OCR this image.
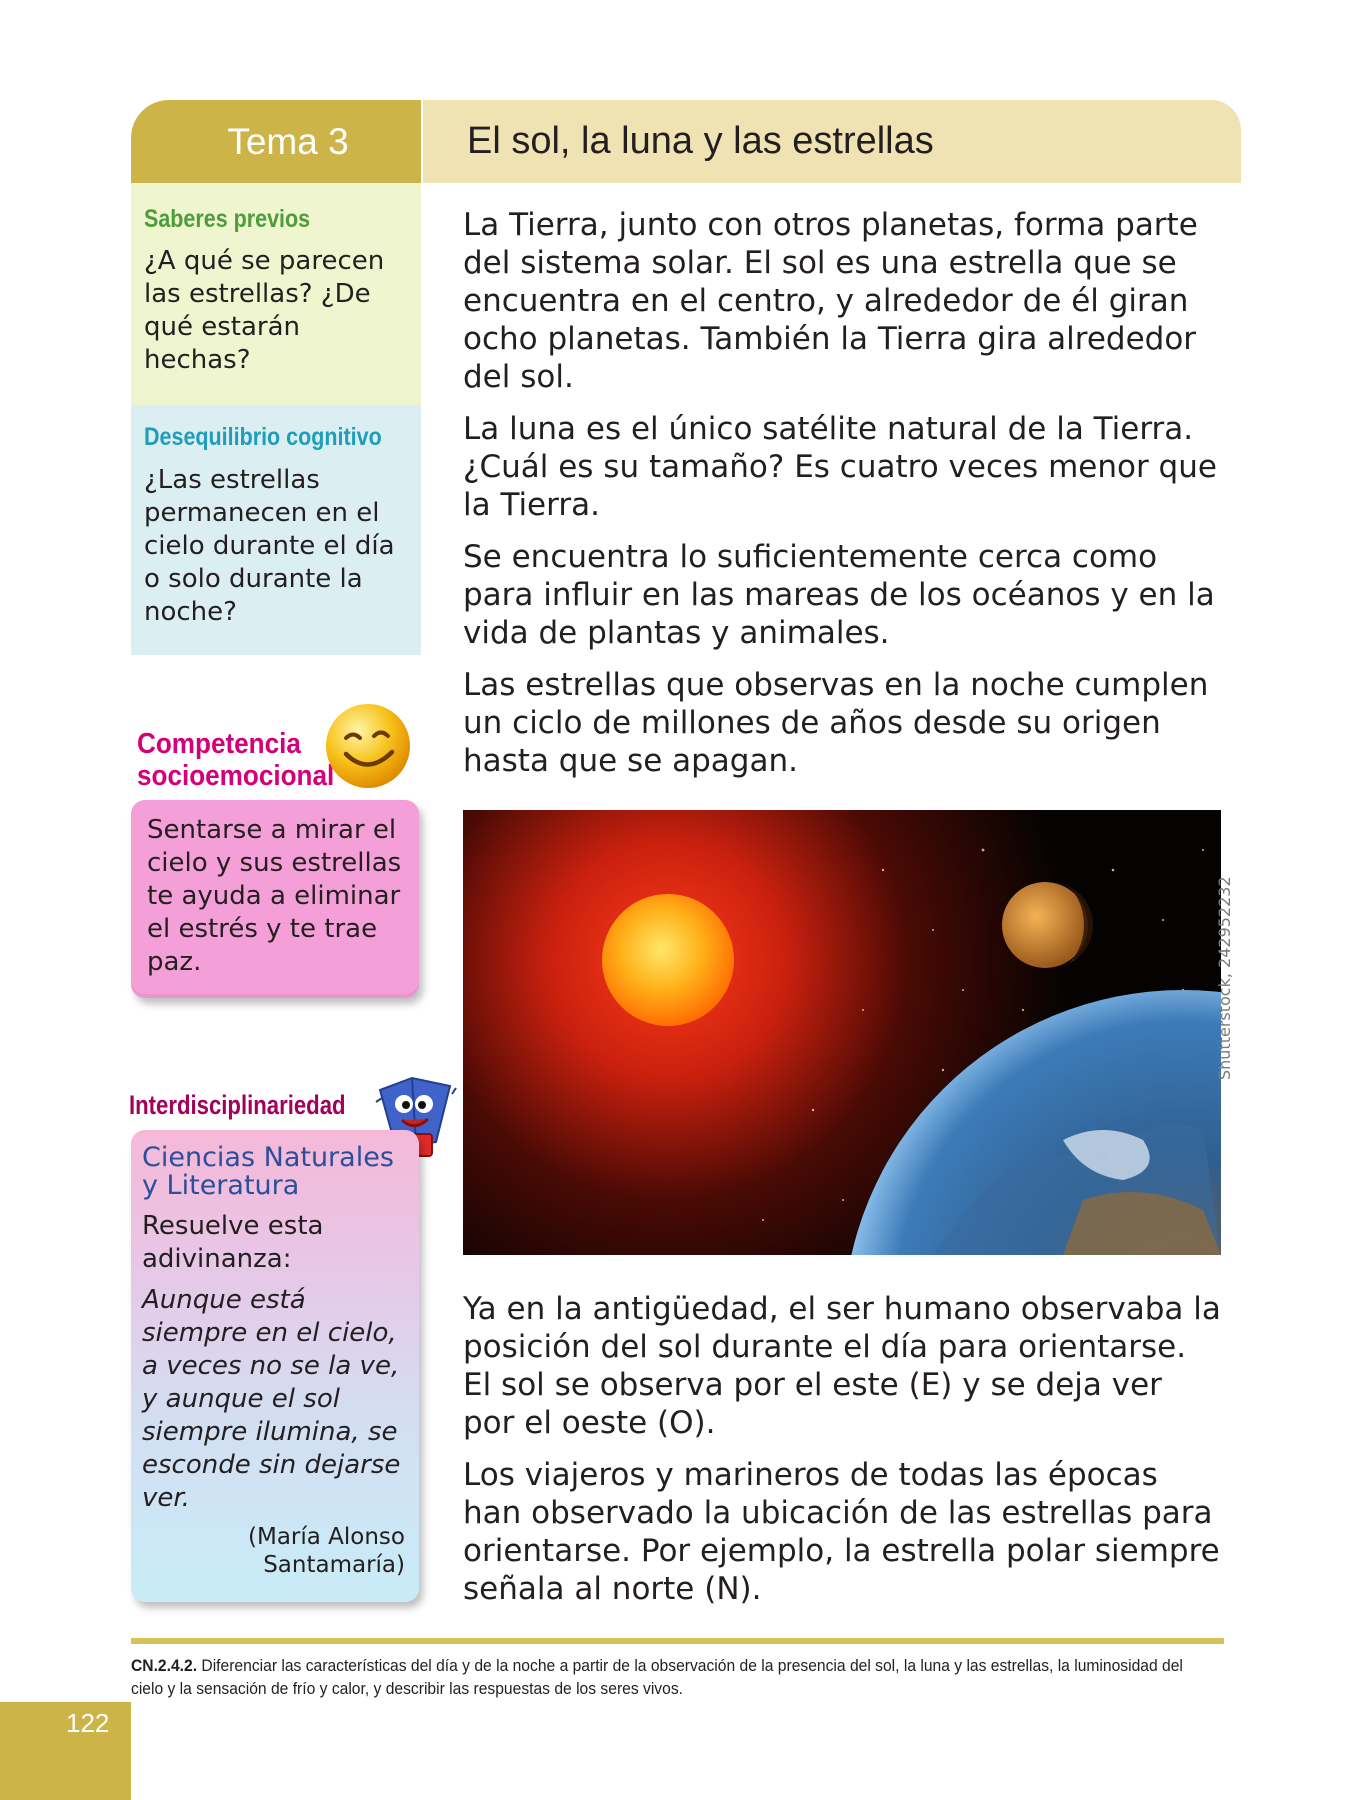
Tema 3	El sol, la luna y las estrellas
Saberes previos
¿A qué se parecen las estrellas? ¿De qué estarán hechas?
Desequilibrio cognitivo
¿Las estrellas permanecen en el cielo durante el día o solo durante la noche?
Competencia
socioemocional
Sentarse a mirar el cielo y sus estrellas te ayuda a eliminar el estrés y te trae paz.
Interdisciplinariedad
Ciencias Naturales y Literatura
Resuelve esta adivinanza:
Aunque está siempre en el cielo, a veces no se la ve, y aunque el sol siempre ilumina, se esconde sin dejarse ver.
(María Alonso Santamaría)

La Tierra, junto con otros planetas, forma parte del sistema solar. El sol es una estrella que se encuentra en el centro, y alrededor de él giran ocho planetas. También la Tierra gira alrededor del sol.

La luna es el único satélite natural de la Tierra. ¿Cuál es su tamaño? Es cuatro veces menor que la Tierra.

Se encuentra lo suficientemente cerca como para influir en las mareas de los océanos y en la vida de plantas y animales.

Las estrellas que observas en la noche cumplen un ciclo de millones de años desde su origen hasta que se apagan.

Shutterstock, 242952232

Ya en la antigüedad, el ser humano observaba la posición del sol durante el día para orientarse. El sol se observa por el este (E) y se deja ver por el oeste (O).

Los viajeros y marineros de todas las épocas han observado la ubicación de las estrellas para orientarse. Por ejemplo, la estrella polar siempre señala al norte (N).

CN.2.4.2. Diferenciar las características del día y de la noche a partir de la observación de la presencia del sol, la luna y las estrellas, la luminosidad del cielo y la sensación de frío y calor, y describir las respuestas de los seres vivos.
122
